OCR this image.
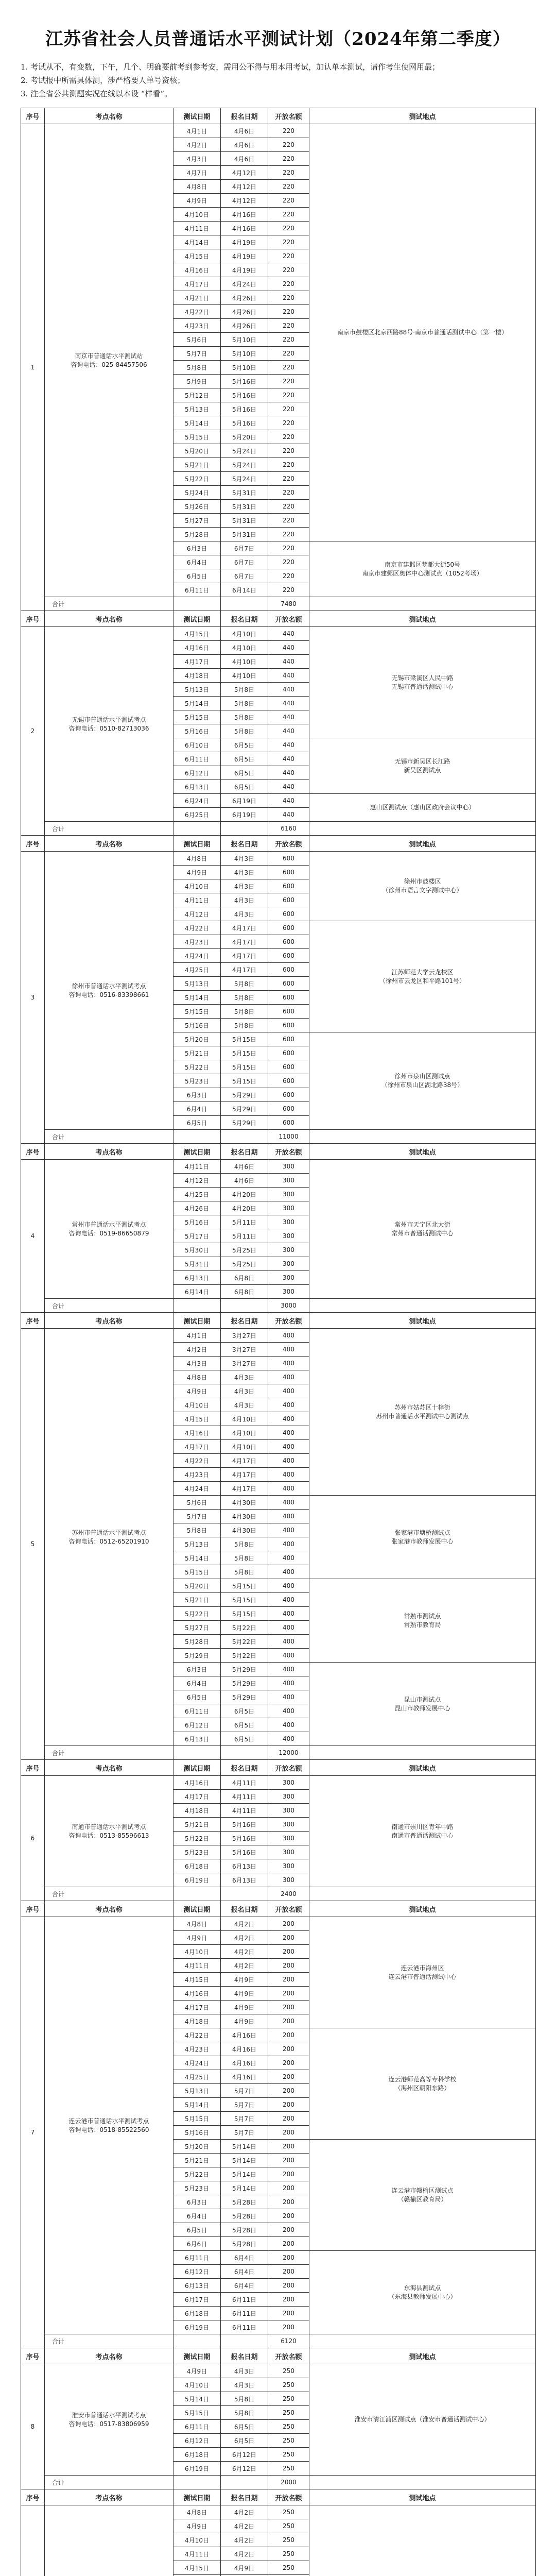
江苏省社会人员普通话水平测试计划（2024年第二季度）
1. 考试从不，有变数，下午，几个、明确要前考到参考安，需用公不得与用本用考试，加认单本测试，请作考生使网用最；
2. 考试报中所需具体测，涉严格要人单号资核；
3. 注全省公共测题实况在线以本设 “样看”。
序号	考点名称	测试日期	报名日期	开放名额	测试地点
1	南京市普通话水平测试站
咨询电话：025-84457506	4月1日	4月6日	220	南京市鼓楼区北京西路88号·南京市普通话测试中心（第一楼）
		4月2日	4月6日	220	
		4月3日	4月6日	220	
		4月7日	4月12日	220	
		4月8日	4月12日	220	
		4月9日	4月12日	220	
		4月10日	4月16日	220	
		4月11日	4月16日	220	
		4月14日	4月19日	220	
		4月15日	4月19日	220	
		4月16日	4月19日	220	
		4月17日	4月24日	220	
		4月21日	4月26日	220	
		4月22日	4月26日	220	
		4月23日	4月26日	220	
		5月6日	5月10日	220	
		5月7日	5月10日	220	
		5月8日	5月10日	220	
		5月9日	5月16日	220	
		5月12日	5月16日	220	
		5月13日	5月16日	220	
		5月14日	5月16日	220	
		5月15日	5月20日	220	
		5月20日	5月24日	220	
		5月21日	5月24日	220	
		5月22日	5月24日	220	
		5月24日	5月31日	220	
		5月26日	5月31日	220	
		5月27日	5月31日	220	
		5月28日	5月31日	220	
		6月3日	6月7日	220	南京市建邺区梦都大街50号
南京市建邺区奥体中心测试点（1052考场）
		6月4日	6月7日	220	
		6月5日	6月7日	220	
		6月11日	6月14日	220	
	合计			7480	
序号	考点名称	测试日期	报名日期	开放名额	测试地点
2	无锡市普通话水平测试考点
咨询电话：0510-82713036	4月15日	4月10日	440	无锡市梁溪区人民中路
无锡市普通话测试中心
		4月16日	4月10日	440	
		4月17日	4月10日	440	
		4月18日	4月10日	440	
		5月13日	5月8日	440	
		5月14日	5月8日	440	
		5月15日	5月8日	440	
		5月16日	5月8日	440	
		6月10日	6月5日	440	无锡市新吴区长江路
新吴区测试点
		6月11日	6月5日	440	
		6月12日	6月5日	440	
		6月13日	6月5日	440	
		6月24日	6月19日	440	惠山区测试点（惠山区政府会议中心）
		6月25日	6月19日	440	
	合计			6160	
序号	考点名称	测试日期	报名日期	开放名额	测试地点
3	徐州市普通话水平测试考点
咨询电话：0516-83398661	4月8日	4月3日	600	徐州市鼓楼区
（徐州市语言文字测试中心）
		4月9日	4月3日	600	
		4月10日	4月3日	600	
		4月11日	4月3日	600	
		4月12日	4月3日	600	
		4月22日	4月17日	600	江苏师范大学云龙校区
（徐州市云龙区和平路101号）
		4月23日	4月17日	600	
		4月24日	4月17日	600	
		4月25日	4月17日	600	
		5月13日	5月8日	600	
		5月14日	5月8日	600	
		5月15日	5月8日	600	
		5月16日	5月8日	600	
		5月20日	5月15日	600	徐州市泉山区测试点
（徐州市泉山区湖北路38号）
		5月21日	5月15日	600	
		5月22日	5月15日	600	
		5月23日	5月15日	600	
		6月3日	5月29日	600	
		6月4日	5月29日	600	
		6月5日	5月29日	600	
	合计			11000	
序号	考点名称	测试日期	报名日期	开放名额	测试地点
4	常州市普通话水平测试考点
咨询电话：0519-86650879	4月11日	4月6日	300	常州市天宁区北大街
常州市普通话测试中心
		4月12日	4月6日	300	
		4月25日	4月20日	300	
		4月26日	4月20日	300	
		5月16日	5月11日	300	
		5月17日	5月11日	300	
		5月30日	5月25日	300	
		5月31日	5月25日	300	
		6月13日	6月8日	300	
		6月14日	6月8日	300	
	合计			3000	
序号	考点名称	测试日期	报名日期	开放名额	测试地点
5	苏州市普通话水平测试考点
咨询电话：0512-65201910	4月1日	3月27日	400	苏州市姑苏区十梓街
苏州市普通话水平测试中心测试点
		4月2日	3月27日	400	
		4月3日	3月27日	400	
		4月8日	4月3日	400	
		4月9日	4月3日	400	
		4月10日	4月3日	400	
		4月15日	4月10日	400	
		4月16日	4月10日	400	
		4月17日	4月10日	400	
		4月22日	4月17日	400	
		4月23日	4月17日	400	
		4月24日	4月17日	400	
		5月6日	4月30日	400	张家港市塘桥测试点
张家港市教师发展中心
		5月7日	4月30日	400	
		5月8日	4月30日	400	
		5月13日	5月8日	400	
		5月14日	5月8日	400	
		5月15日	5月8日	400	
		5月20日	5月15日	400	常熟市测试点
常熟市教育局
		5月21日	5月15日	400	
		5月22日	5月15日	400	
		5月27日	5月22日	400	
		5月28日	5月22日	400	
		5月29日	5月22日	400	
		6月3日	5月29日	400	昆山市测试点
昆山市教师发展中心
		6月4日	5月29日	400	
		6月5日	5月29日	400	
		6月11日	6月5日	400	
		6月12日	6月5日	400	
		6月13日	6月5日	400	
	合计			12000	
序号	考点名称	测试日期	报名日期	开放名额	测试地点
6	南通市普通话水平测试考点
咨询电话：0513-85596613	4月16日	4月11日	300	南通市崇川区青年中路
南通市普通话测试中心
		4月17日	4月11日	300	
		4月18日	4月11日	300	
		5月21日	5月16日	300	
		5月22日	5月16日	300	
		5月23日	5月16日	300	
		6月18日	6月13日	300	
		6月19日	6月13日	300	
	合计			2400	
序号	考点名称	测试日期	报名日期	开放名额	测试地点
7	连云港市普通话水平测试考点
咨询电话：0518-85522560	4月8日	4月2日	200	连云港市海州区
连云港市普通话测试中心
		4月9日	4月2日	200	
		4月10日	4月2日	200	
		4月11日	4月2日	200	
		4月15日	4月9日	200	
		4月16日	4月9日	200	
		4月17日	4月9日	200	
		4月18日	4月9日	200	
		4月22日	4月16日	200	连云港师范高等专科学校
（海州区朝阳东路）
		4月23日	4月16日	200	
		4月24日	4月16日	200	
		4月25日	4月16日	200	
		5月13日	5月7日	200	
		5月14日	5月7日	200	
		5月15日	5月7日	200	
		5月16日	5月7日	200	
		5月20日	5月14日	200	连云港市赣榆区测试点
（赣榆区教育局）
		5月21日	5月14日	200	
		5月22日	5月14日	200	
		5月23日	5月14日	200	
		6月3日	5月28日	200	
		6月4日	5月28日	200	
		6月5日	5月28日	200	
		6月6日	5月28日	200	
		6月11日	6月4日	200	东海县测试点
（东海县教师发展中心）
		6月12日	6月4日	200	
		6月13日	6月4日	200	
		6月17日	6月11日	200	
		6月18日	6月11日	200	
		6月19日	6月11日	200	
	合计			6120	
序号	考点名称	测试日期	报名日期	开放名额	测试地点
8	淮安市普通话水平测试考点
咨询电话：0517-83806959	4月9日	4月3日	250	淮安市清江浦区测试点（淮安市普通话测试中心）
		4月10日	4月3日	250	
		5月14日	5月8日	250	
		5月15日	5月8日	250	
		6月11日	6月5日	250	
		6月12日	6月5日	250	
		6月18日	6月12日	250	
		6月19日	6月12日	250	
	合计			2000	
序号	考点名称	测试日期	报名日期	开放名额	测试地点
		4月8日	4月2日	250	
		4月9日	4月2日	250	
		4月10日	4月2日	250	
		4月11日	4月2日	250	
		4月15日	4月9日	250	
